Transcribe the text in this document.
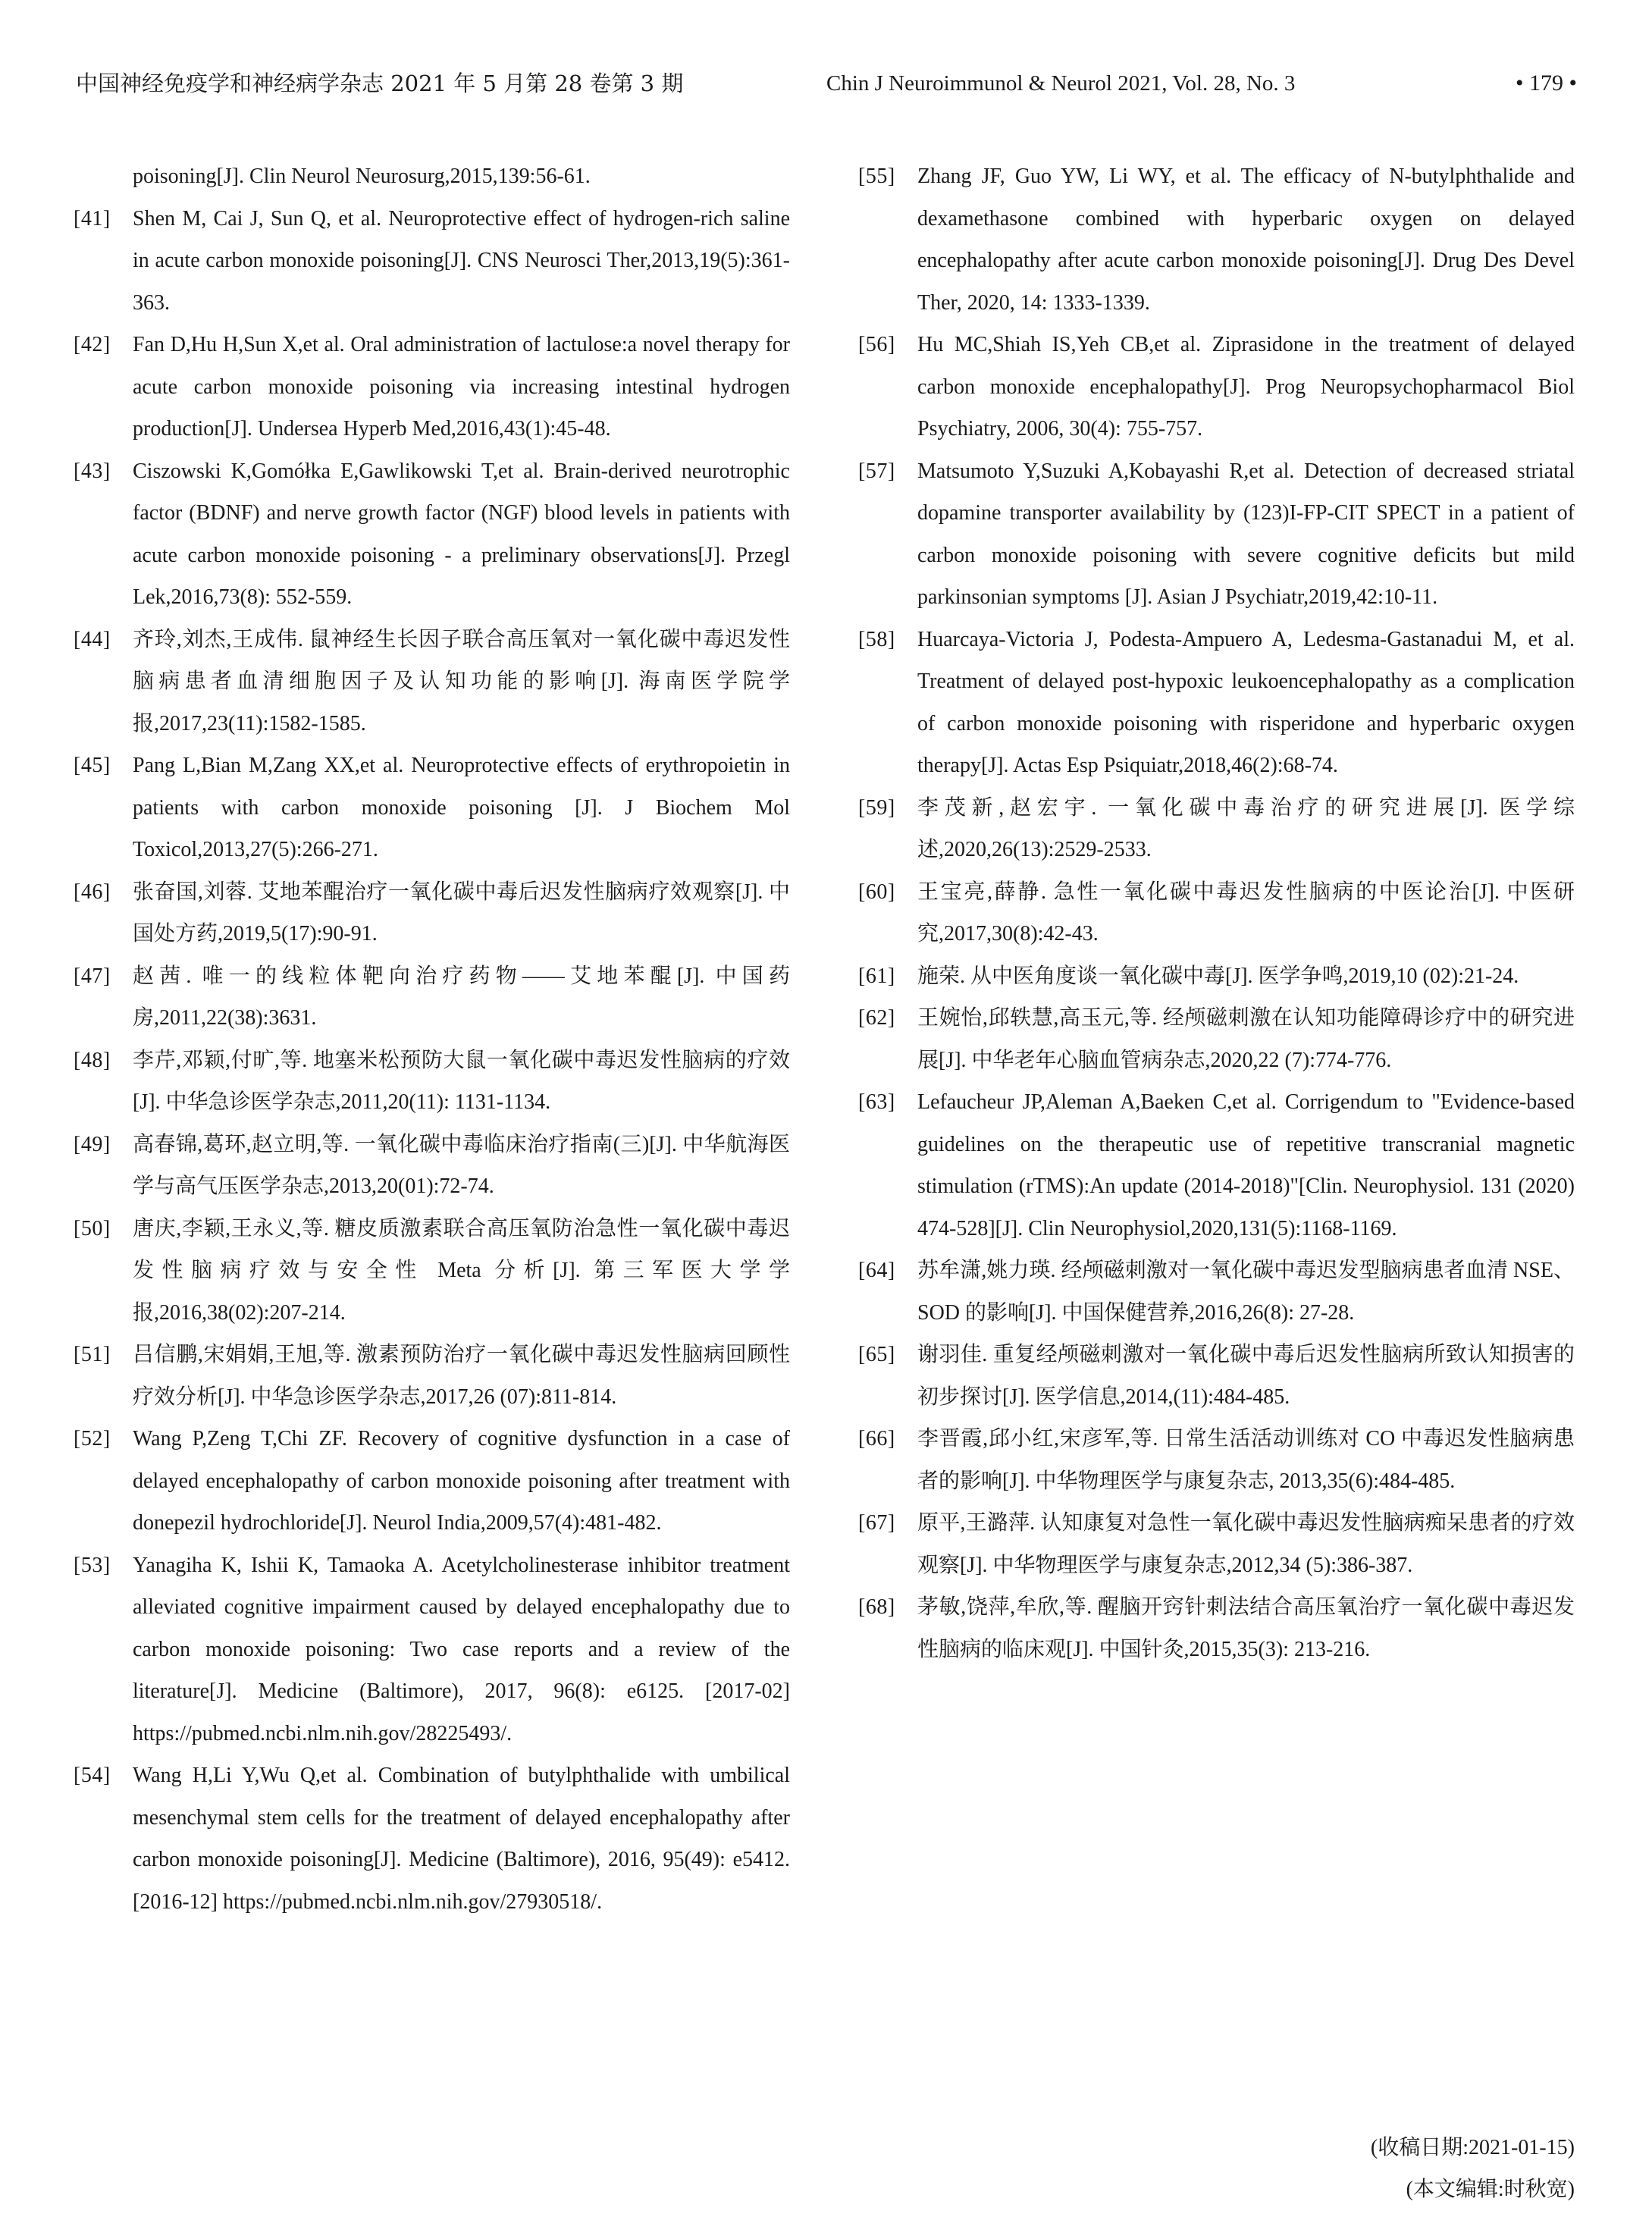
中国神经免疫学和神经病学杂志 2021 年 5 月第 28 卷第 3 期	Chin J Neuroimmunol & Neurol 2021, Vol. 28, No. 3	• 179 •
poisoning[J]. Clin Neurol Neurosurg,2015,139:56-61.
[41]	Shen M, Cai J, Sun Q, et al. Neuroprotective effect of hydrogen-rich saline in acute carbon monoxide poisoning[J]. CNS Neurosci Ther,2013,19(5):361-363.
[42]	Fan D,Hu H,Sun X,et al. Oral administration of lactulose:a novel therapy for acute carbon monoxide poisoning via increasing intestinal hydrogen production[J]. Undersea Hyperb Med,2016,43(1):45-48.
[43]	Ciszowski K,Gomółka E,Gawlikowski T,et al. Brain-derived neurotrophic factor (BDNF) and nerve growth factor (NGF) blood levels in patients with acute carbon monoxide poisoning - a preliminary observations[J]. Przegl Lek,2016,73(8): 552-559.
[44]	齐玲,刘杰,王成伟. 鼠神经生长因子联合高压氧对一氧化碳中毒迟发性脑病患者血清细胞因子及认知功能的影响[J]. 海南医学院学报,2017,23(11):1582-1585.
[45]	Pang L,Bian M,Zang XX,et al. Neuroprotective effects of erythropoietin in patients with carbon monoxide poisoning [J]. J Biochem Mol Toxicol,2013,27(5):266-271.
[46]	张奋国,刘蓉. 艾地苯醌治疗一氧化碳中毒后迟发性脑病疗效观察[J]. 中国处方药,2019,5(17):90-91.
[47]	赵茜. 唯一的线粒体靶向治疗药物——艾地苯醌[J]. 中国药房,2011,22(38):3631.
[48]	李芹,邓颖,付旷,等. 地塞米松预防大鼠一氧化碳中毒迟发性脑病的疗效[J]. 中华急诊医学杂志,2011,20(11): 1131-1134.
[49]	高春锦,葛环,赵立明,等. 一氧化碳中毒临床治疗指南(三)[J]. 中华航海医学与高气压医学杂志,2013,20(01):72-74.
[50]	唐庆,李颖,王永义,等. 糖皮质激素联合高压氧防治急性一氧化碳中毒迟发性脑病疗效与安全性 Meta 分析[J]. 第三军医大学学报,2016,38(02):207-214.
[51]	吕信鹏,宋娟娟,王旭,等. 激素预防治疗一氧化碳中毒迟发性脑病回顾性疗效分析[J]. 中华急诊医学杂志,2017,26 (07):811-814.
[52]	Wang P,Zeng T,Chi ZF. Recovery of cognitive dysfunction in a case of delayed encephalopathy of carbon monoxide poisoning after treatment with donepezil hydrochloride[J]. Neurol India,2009,57(4):481-482.
[53]	Yanagiha K, Ishii K, Tamaoka A. Acetylcholinesterase inhibitor treatment alleviated cognitive impairment caused by delayed encephalopathy due to carbon monoxide poisoning: Two case reports and a review of the literature[J]. Medicine (Baltimore), 2017, 96(8): e6125. [2017-02] https://pubmed.ncbi.nlm.nih.gov/28225493/.
[54]	Wang H,Li Y,Wu Q,et al. Combination of butylphthalide with umbilical mesenchymal stem cells for the treatment of delayed encephalopathy after carbon monoxide poisoning[J]. Medicine (Baltimore), 2016, 95(49): e5412. [2016-12] https://pubmed.ncbi.nlm.nih.gov/27930518/.
[55]	Zhang JF, Guo YW, Li WY, et al. The efficacy of N-butylphthalide and dexamethasone combined with hyperbaric oxygen on delayed encephalopathy after acute carbon monoxide poisoning[J]. Drug Des Devel Ther, 2020, 14: 1333-1339.
[56]	Hu MC,Shiah IS,Yeh CB,et al. Ziprasidone in the treatment of delayed carbon monoxide encephalopathy[J]. Prog Neuropsychopharmacol Biol Psychiatry, 2006, 30(4): 755-757.
[57]	Matsumoto Y,Suzuki A,Kobayashi R,et al. Detection of decreased striatal dopamine transporter availability by (123)I-FP-CIT SPECT in a patient of carbon monoxide poisoning with severe cognitive deficits but mild parkinsonian symptoms [J]. Asian J Psychiatr,2019,42:10-11.
[58]	Huarcaya-Victoria J, Podesta-Ampuero A, Ledesma-Gastanadui M, et al. Treatment of delayed post-hypoxic leukoencephalopathy as a complication of carbon monoxide poisoning with risperidone and hyperbaric oxygen therapy[J]. Actas Esp Psiquiatr,2018,46(2):68-74.
[59]	李茂新,赵宏宇. 一氧化碳中毒治疗的研究进展[J]. 医学综述,2020,26(13):2529-2533.
[60]	王宝亮,薛静. 急性一氧化碳中毒迟发性脑病的中医论治[J]. 中医研究,2017,30(8):42-43.
[61]	施荣. 从中医角度谈一氧化碳中毒[J]. 医学争鸣,2019,10 (02):21-24.
[62]	王婉怡,邱轶慧,高玉元,等. 经颅磁刺激在认知功能障碍诊疗中的研究进展[J]. 中华老年心脑血管病杂志,2020,22 (7):774-776.
[63]	Lefaucheur JP,Aleman A,Baeken C,et al. Corrigendum to "Evidence-based guidelines on the therapeutic use of repetitive transcranial magnetic stimulation (rTMS):An update (2014-2018)"[Clin. Neurophysiol. 131 (2020) 474-528][J]. Clin Neurophysiol,2020,131(5):1168-1169.
[64]	苏牟潇,姚力瑛. 经颅磁刺激对一氧化碳中毒迟发型脑病患者血清 NSE、SOD 的影响[J]. 中国保健营养,2016,26(8): 27-28.
[65]	谢羽佳. 重复经颅磁刺激对一氧化碳中毒后迟发性脑病所致认知损害的初步探讨[J]. 医学信息,2014,(11):484-485.
[66]	李晋霞,邱小红,宋彦军,等. 日常生活活动训练对 CO 中毒迟发性脑病患者的影响[J]. 中华物理医学与康复杂志, 2013,35(6):484-485.
[67]	原平,王潞萍. 认知康复对急性一氧化碳中毒迟发性脑病痴呆患者的疗效观察[J]. 中华物理医学与康复杂志,2012,34 (5):386-387.
[68]	茅敏,饶萍,牟欣,等. 醒脑开窍针刺法结合高压氧治疗一氧化碳中毒迟发性脑病的临床观[J]. 中国针灸,2015,35(3): 213-216.
(收稿日期:2021-01-15)
(本文编辑:时秋宽)
